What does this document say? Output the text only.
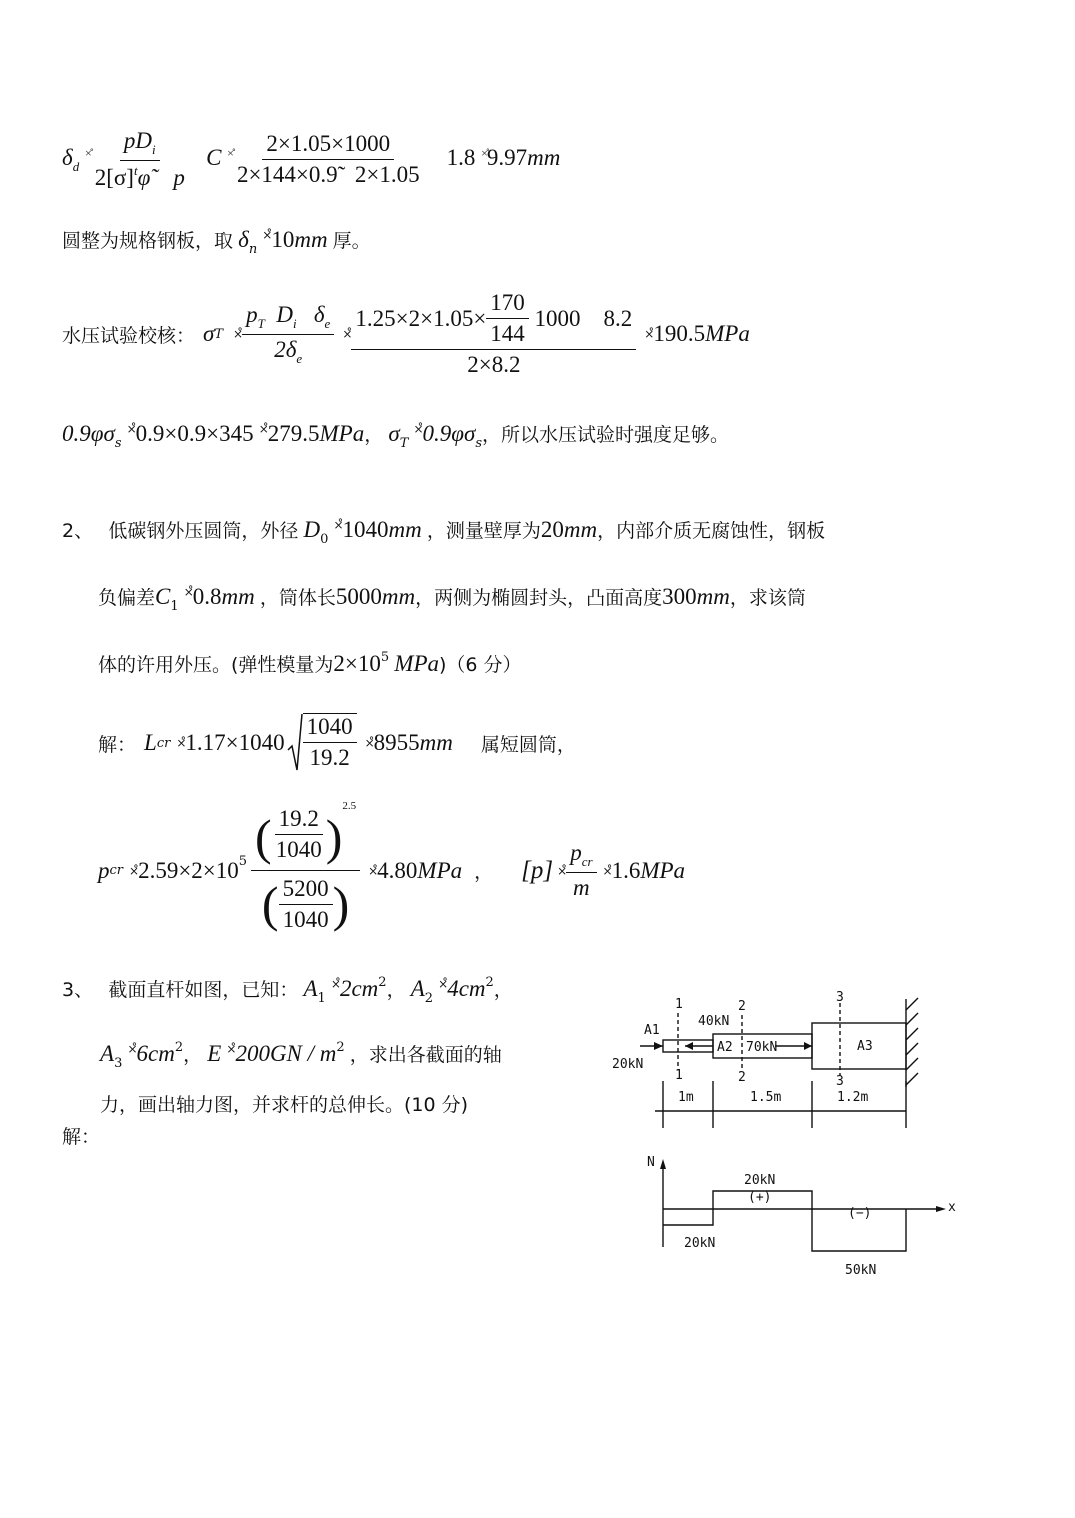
$\delta_d$ $^{\times̊} \frac{pD_i}{2[\sigma]^t\varphĩ p}$ C $^{\times̊} \frac{2\times 1.05\times 1000}{2\times 144\times 0.9̃ 2\times 1.05} 1.8$ ×̊9.97mm
圆整为规格钢板，取 $\delta_n$ ×̊10mm 厚。
水压试验校核： σ T ×̊ $\frac{p_T D_i \delta_e}{2\delta_e}$ ×̊ $1.25\times 2\times 1.05\times \frac{170}{144}$
1000
8.2
2×8.2 ×̊ 190.5 MPa
$0.9\varphi\sigma_s$ ×̊0.9×0.9×345 ×̊279.5MPa， $\sigma_T$ $^{\times̊}0.9\varphi\sigma_s$，所以水压试验时强度足够。
2、 低碳钢外压圆筒，外径 $D_0$ ×̊1040mm ，测量壁厚为20mm，内部介质无腐蚀性，钢板
负偏差$C_1$ ×̊0.8mm ，筒体长5000mm，两侧为椭圆封头，凸面高度300mm，求该筒
体的许用外压。(弹性模量为$2\times 10^5$ MPa)（6 分）
解： L cr ×̊ $1.17\times 1040 \frac{1040}{19.2}$ ×̊ 8955 mm 属短圆筒，
p cr ×̊ 2.59×2×10 5 ( $\frac{19.2}{1040}$ )
2.5
( $\frac{5200}{1040}$ ) ×̊ 4.80 MPa ， [p] ×̊ $\frac{p_{cr}}{m}$ ×̊ 1.6 MPa
3、 截面直杆如图，已知： $A_1$ $^{\times̊}2cm^2$， $A_2$ $^{\times̊}4cm^2$，
$A_3$ $^{\times̊}6cm^2$， E $^{\times̊}200GN / m^2$ ，求出各截面的轴
力，画出轴力图，并求杆的总伸长。(10 分)
解：
1	2
3
1	2	3
A1
A2	A3
40kN
70kN
20kN
1m	1.5m	1.2m
N
x
20kN
(+)
(−)
20kN
50kN
